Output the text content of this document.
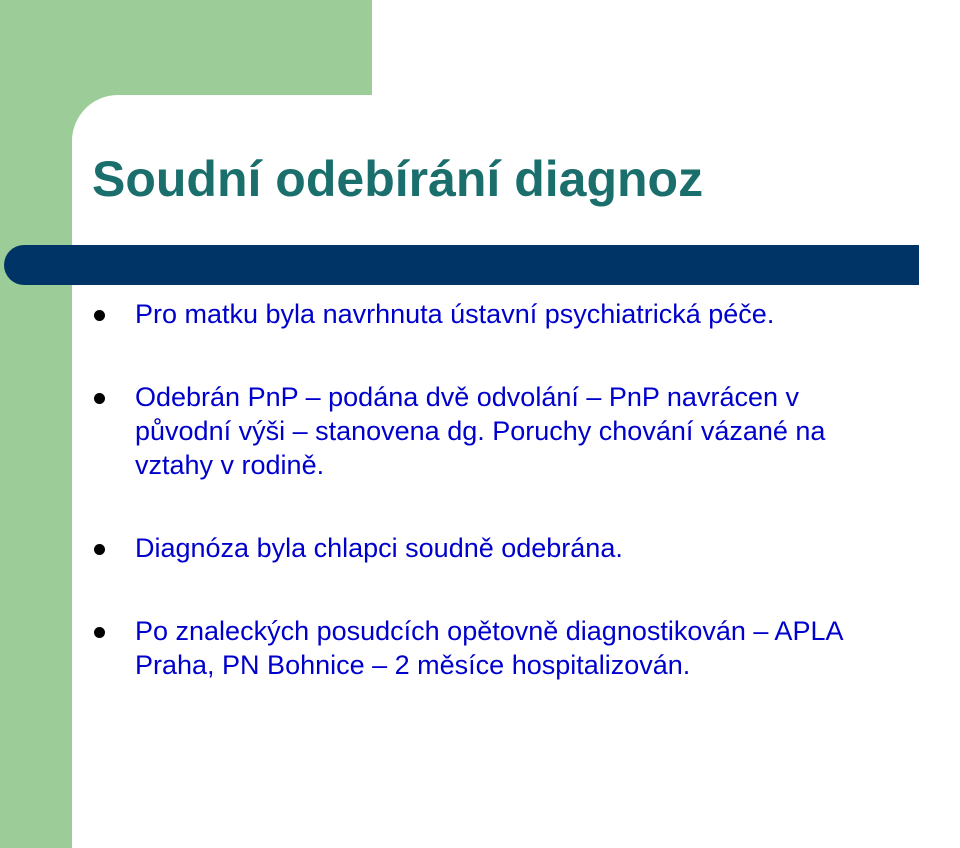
Soudní odebírání diagnoz
Pro matku byla navrhnuta ústavní psychiatrická péče.
Odebrán PnP – podána dvě odvolání – PnP navrácen v
původní výši – stanovena dg. Poruchy chování vázané na
vztahy v rodině.
Diagnóza byla chlapci soudně odebrána.
Po znaleckých posudcích opětovně diagnostikován – APLA
Praha, PN Bohnice – 2 měsíce hospitalizován.
